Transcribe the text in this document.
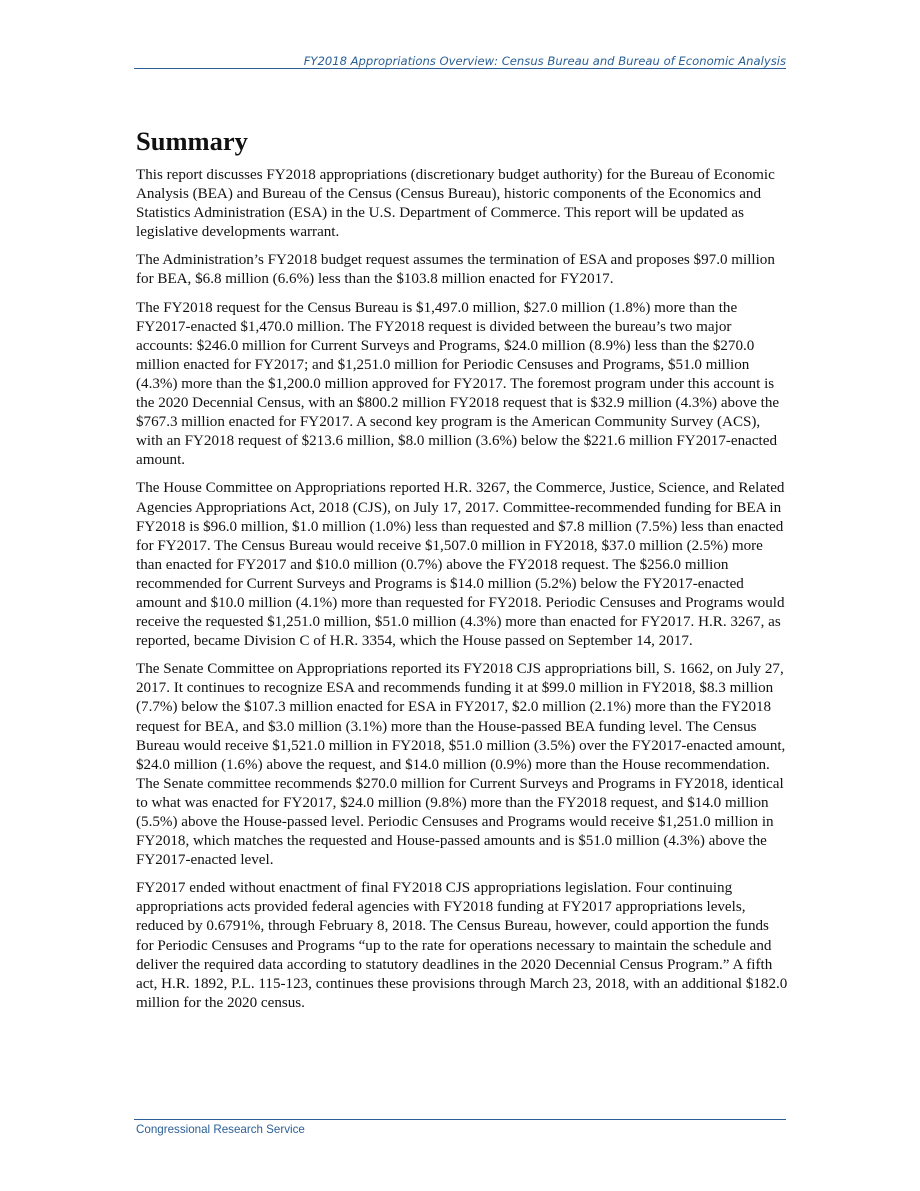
FY2018 Appropriations Overview: Census Bureau and Bureau of Economic Analysis
Summary

This report discusses FY2018 appropriations (discretionary budget authority) for the Bureau of Economic Analysis (BEA) and Bureau of the Census (Census Bureau), historic components of the Economics and Statistics Administration (ESA) in the U.S. Department of Commerce. This report will be updated as legislative developments warrant.

The Administration’s FY2018 budget request assumes the termination of ESA and proposes $97.0 million for BEA, $6.8 million (6.6%) less than the $103.8 million enacted for FY2017.

The FY2018 request for the Census Bureau is $1,497.0 million, $27.0 million (1.8%) more than the FY2017-enacted $1,470.0 million. The FY2018 request is divided between the bureau’s two major accounts: $246.0 million for Current Surveys and Programs, $24.0 million (8.9%) less than the $270.0 million enacted for FY2017; and $1,251.0 million for Periodic Censuses and Programs, $51.0 million (4.3%) more than the $1,200.0 million approved for FY2017. The foremost program under this account is the 2020 Decennial Census, with an $800.2 million FY2018 request that is $32.9 million (4.3%) above the $767.3 million enacted for FY2017. A second key program is the American Community Survey (ACS), with an FY2018 request of $213.6 million, $8.0 million (3.6%) below the $221.6 million FY2017-enacted amount.

The House Committee on Appropriations reported H.R. 3267, the Commerce, Justice, Science, and Related Agencies Appropriations Act, 2018 (CJS), on July 17, 2017. Committee-recommended funding for BEA in FY2018 is $96.0 million, $1.0 million (1.0%) less than requested and $7.8 million (7.5%) less than enacted for FY2017. The Census Bureau would receive $1,507.0 million in FY2018, $37.0 million (2.5%) more than enacted for FY2017 and $10.0 million (0.7%) above the FY2018 request. The $256.0 million recommended for Current Surveys and Programs is $14.0 million (5.2%) below the FY2017-enacted amount and $10.0 million (4.1%) more than requested for FY2018. Periodic Censuses and Programs would receive the requested $1,251.0 million, $51.0 million (4.3%) more than enacted for FY2017. H.R. 3267, as reported, became Division C of H.R. 3354, which the House passed on September 14, 2017.

The Senate Committee on Appropriations reported its FY2018 CJS appropriations bill, S. 1662, on July 27, 2017. It continues to recognize ESA and recommends funding it at $99.0 million in FY2018, $8.3 million (7.7%) below the $107.3 million enacted for ESA in FY2017, $2.0 million (2.1%) more than the FY2018 request for BEA, and $3.0 million (3.1%) more than the House-passed BEA funding level. The Census Bureau would receive $1,521.0 million in FY2018, $51.0 million (3.5%) over the FY2017-enacted amount, $24.0 million (1.6%) above the request, and $14.0 million (0.9%) more than the House recommendation. The Senate committee recommends $270.0 million for Current Surveys and Programs in FY2018, identical to what was enacted for FY2017, $24.0 million (9.8%) more than the FY2018 request, and $14.0 million (5.5%) above the House-passed level. Periodic Censuses and Programs would receive $1,251.0 million in FY2018, which matches the requested and House-passed amounts and is $51.0 million (4.3%) above the FY2017-enacted level.

FY2017 ended without enactment of final FY2018 CJS appropriations legislation. Four continuing appropriations acts provided federal agencies with FY2018 funding at FY2017 appropriations levels, reduced by 0.6791%, through February 8, 2018. The Census Bureau, however, could apportion the funds for Periodic Censuses and Programs “up to the rate for operations necessary to maintain the schedule and deliver the required data according to statutory deadlines in the 2020 Decennial Census Program.” A fifth act, H.R. 1892, P.L. 115-123, continues these provisions through March 23, 2018, with an additional $182.0 million for the 2020 census.

Congressional Research Service
